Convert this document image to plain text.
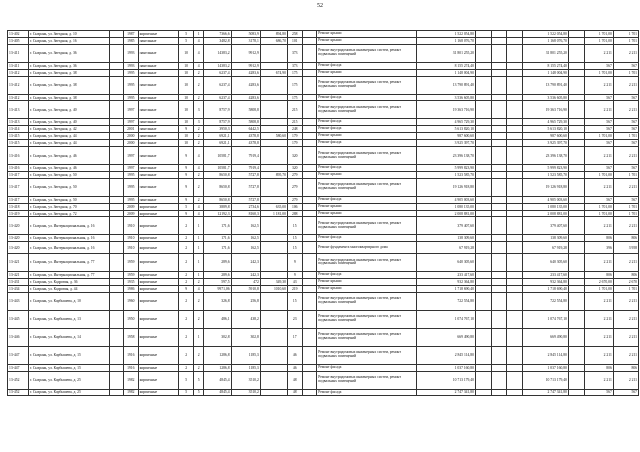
52
13-402	г. Сызрань, ул. Звездная, д. 10		1987	кирпичные	5	1	7366,6	5083,9	894,80	258		Ремонт крыши	1 522 054,80				1 522 054,80		1 701,00	1 701
13-405	г. Сызрань, ул. Звездная, д. 16		1985	панельные	5	4	3482,8	3178,1	686,70	101		Ремонт крыши	1 168 076,70				1 168 076,70		1 701,00	1 701
13-411	г. Сызрань, ул. Звездная, д. 36		1993	панельные	10	4	14383,2	9912,9		373		Ремонт внутридомовых инженерных систем, ремонт подвальных помещений	31 801 255,20				31 801 255,20		2 211	2 211
13-411	г. Сызрань, ул. Звездная, д. 36		1993	панельные	10	4	14383,2	9912,9		373		Ремонт фасада	8 155 274,40				8 155 274,40		567	567
13-412	г. Сызрань, ул. Звездная, д. 38		1995	панельные	10	2	6237,4	4283,6	674,90	175		Ремонт крыши	1 148 004,90				1 148 004,90		1 701,00	1 701
13-412	г. Сызрань, ул. Звездная, д. 38		1995	панельные	10	2	6237,4	4283,6		175		Ремонт внутридомовых инженерных систем, ремонт подвальных помещений	13 790 891,40				13 790 891,40		2 211	2 211
13-412	г. Сызрань, ул. Звездная, д. 38		1995	панельные	10	2	6237,4	4283,6		175		Ремонт фасада	3 536 605,80				3 536 605,80		567	567
13-413	г. Сызрань, ул. Звездная, д. 40		1997	панельные	10	3	8757,9	5808,8		215		Ремонт внутридомовых инженерных систем, ремонт подвальных помещений	19 363 716,90				19 363 716,90		2 211	2 211
13-413	г. Сызрань, ул. Звездная, д. 40		1997	панельные	10	3	8757,9	5808,8		215		Ремонт фасада	4 965 729,30				4 965 729,30		567	567
13-414	г. Сызрань, ул. Звездная, д. 42		2001	панельные	9	2	3950,3	6442,5		248		Ремонт фасада	5 613 820,10				5 613 820,10		567	567
13-415	г. Сызрань, ул. Звездная, д. 44		2000	панельные	10	2	6921,1	4378,8	580,60	179		Ремонт крыши	987 600,60				987 600,60		1 701,00	1 701
13-415	г. Сызрань, ул. Звездная, д. 44		2000	панельные	10	2	6921,1	4378,8		179		Ремонт фасада	3 925 397,70				3 925 397,70		567	567
13-416	г. Сызрань, ул. Звездная, д. 46		1997	панельные	9	4	10581,7	7919,4		320		Ремонт внутридомовых инженерных систем, ремонт подвальных помещений	23 396 138,70				23 396 138,70		2 211	2 211
13-416	г. Сызрань, ул. Звездная, д. 46		1997	панельные	9	4	10581,7	7919,4		320		Ремонт фасада	5 999 823,90				5 999 823,90		567	567
13-417	г. Сызрань, ул. Звездная, д. 50		1995	панельные	9	2	8650,8	5727,8	895,70	279		Ремонт крыши	1 523 585,70				1 523 585,70		1 701,00	1 701
13-417	г. Сызрань, ул. Звездная, д. 50		1995	панельные	9	2	8650,8	5727,8		279		Ремонт внутридомовых инженерных систем, ремонт подвальных помещений	19 126 918,80				19 126 918,80		2 211	2 211
13-417	г. Сызрань, ул. Звездная, д. 50		1995	панельные	9	2	8650,8	5727,8		279		Ремонт фасада	4 905 003,60				4 905 003,60		567	567
13-418	г. Сызрань, ул. Звездная, д. 70		2009	кирпичные	5	4	3889,8	2734,6	635,00	106		Ремонт крыши	1 080 135,00				1 080 135,00		1 701,00	1 701
13-419	г. Сызрань, ул. Звездная, д. 72		2009	кирпичные	9	4	12192,3	8160,3	1 181,00	288		Ремонт крыши	2 008 881,00				2 008 881,00		1 701,00	1 701
13-420	г. Сызрань, ул. Интернациональная, д. 16		1910	кирпичные	2	1	171,6	162,5		15		Ремонт внутридомовых инженерных систем, ремонт подвальных помещений	379 407,60				379 407,60		2 211	2 211
13-420	г. Сызрань, ул. Интернациональная, д. 16		1910	кирпичные	2	1	171,6	162,5		15		Ремонт фасада	138 309,60				138 309,60		806	806
13-420	г. Сызрань, ул. Интернациональная, д. 16		1910	кирпичные	2	1	171,6	162,5		15		Ремонт фундамента многоквартирного дома	67 919,28				67 919,28		396	3 958
13-421	г. Сызрань, ул. Интернациональная, д. 77		1959	кирпичные	2	1	289,6	242,3		9		Ремонт внутридомовых инженерных систем, ремонт подвальных помещений	640 305,60				640 305,60		2 211	2 211
13-421	г. Сызрань, ул. Интернациональная, д. 77		1959	кирпичные	2	1	289,6	242,3		9		Ремонт фасада	233 417,60				233 417,60		806	806
13-431	г. Сызрань, ул. Кадровая, д. 36		1935	кирпичные	2	2	597,5	472	349,30	43		Ремонт крыши	932 364,80				932 364,80		2 670,00	2 670
13-434	г. Сызрань, ул. Кадровая, д. 44		1986	кирпичные	9	4	9971,06	5910,8	1010,60	219		Ремонт крыши	1 718 690,40				1 718 690,40		1 701,00	1 701
13-443	г. Сызрань, ул. Карбышева, д. 10		1960	кирпичные	2	2	326,8	256,8		15		Ремонт внутридомовых инженерных систем, ремонт подвальных помещений	722 554,80				722 554,80		2 211	2 211
13-445	г. Сызрань, ул. Карбышева, д. 13		1950	кирпичные	2	2	486,1	438,2		23		Ремонт внутридомовых инженерных систем, ремонт подвальных помещений	1 074 767,10				1 074 767,10		2 211	2 211
13-446	г. Сызрань, ул. Карбышева, д. 14		1958	кирпичные	2	1	302,8	302,8		17		Ремонт внутридомовых инженерных систем, ремонт подвальных помещений	669 490,80				669 490,80		2 211	2 211
13-447	г. Сызрань, ул. Карбышева, д. 15		1916	кирпичные	2	2	1286,8	1185,3		46		Ремонт внутридомовых инженерных систем, ремонт подвальных помещений	2 845 114,80				2 845 114,80		2 211	2 211
13-447	г. Сызрань, ул. Карбышева, д. 15		1916	кирпичные	2	2	1286,8	1185,3		46		Ремонт фасада	1 037 160,80				1 037 160,80		806	806
13-452	г. Сызрань, ул. Карбышева, д. 25		1982	кирпичные	5	5	4845,4	3510,2		48		Ремонт внутридомовых инженерных систем, ремонт подвальных помещений	10 713 179,40				10 713 179,40		2 211	2 211
13-452	г. Сызрань, ул. Карбышева, д. 25		1982	кирпичные	5	5	4845,4	3510,2		48		Ремонт фасада	2 747 341,80				2 747 341,80		567	567
